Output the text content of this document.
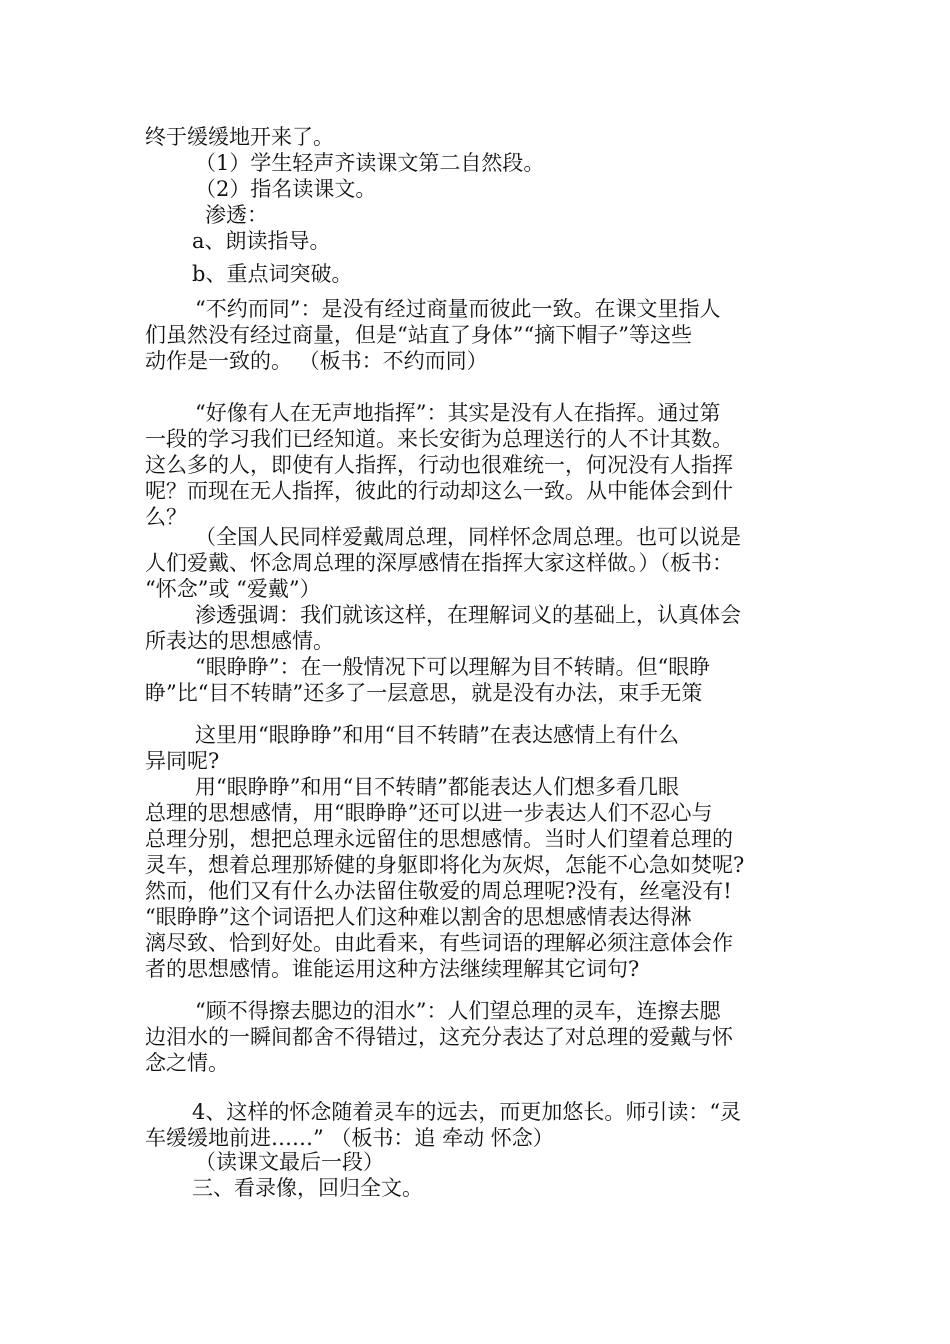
终于缓缓地开来了。
（1）学生轻声齐读课文第二自然段。
（2）指名读课文。
渗透：
a、朗读指导。
b、重点词突破。
“不约而同”：是没有经过商量而彼此一致。在课文里指人
们虽然没有经过商量，但是“站直了身体”“摘下帽子”等这些
动作是一致的。 （板书：不约而同）
“好像有人在无声地指挥”：其实是没有人在指挥。通过第
一段的学习我们已经知道。来长安街为总理送行的人不计其数。
这么多的人，即使有人指挥，行动也很难统一，何况没有人指挥
呢？而现在无人指挥，彼此的行动却这么一致。从中能体会到什
么？
（全国人民同样爱戴周总理，同样怀念周总理。也可以说是
人们爱戴、怀念周总理的深厚感情在指挥大家这样做。）（板书：
“怀念”或 “爱戴”）
渗透强调：我们就该这样，在理解词义的基础上，认真体会
所表达的思想感情。
“眼睁睁”：在一般情况下可以理解为目不转睛。但“眼睁
睁”比“目不转睛”还多了一层意思，就是没有办法，束手无策
这里用“眼睁睁”和用“目不转睛”在表达感情上有什么
异同呢?
用“眼睁睁”和用“目不转睛”都能表达人们想多看几眼
总理的思想感情，用“眼睁睁”还可以进一步表达人们不忍心与
总理分别，想把总理永远留住的思想感情。当时人们望着总理的
灵车，想着总理那矫健的身躯即将化为灰烬，怎能不心急如焚呢?
然而，他们又有什么办法留住敬爱的周总理呢?没有，丝毫没有!
“眼睁睁”这个词语把人们这种难以割舍的思想感情表达得淋
漓尽致、恰到好处。由此看来，有些词语的理解必须注意体会作
者的思想感情。谁能运用这种方法继续理解其它词句?
“顾不得擦去腮边的泪水”：人们望总理的灵车，连擦去腮
边泪水的一瞬间都舍不得错过，这充分表达了对总理的爱戴与怀
念之情。
4、这样的怀念随着灵车的远去，而更加悠长。师引读：“灵
车缓缓地前进……” （板书：追 牵动 怀念）
（读课文最后一段）
三、看录像，回归全文。
